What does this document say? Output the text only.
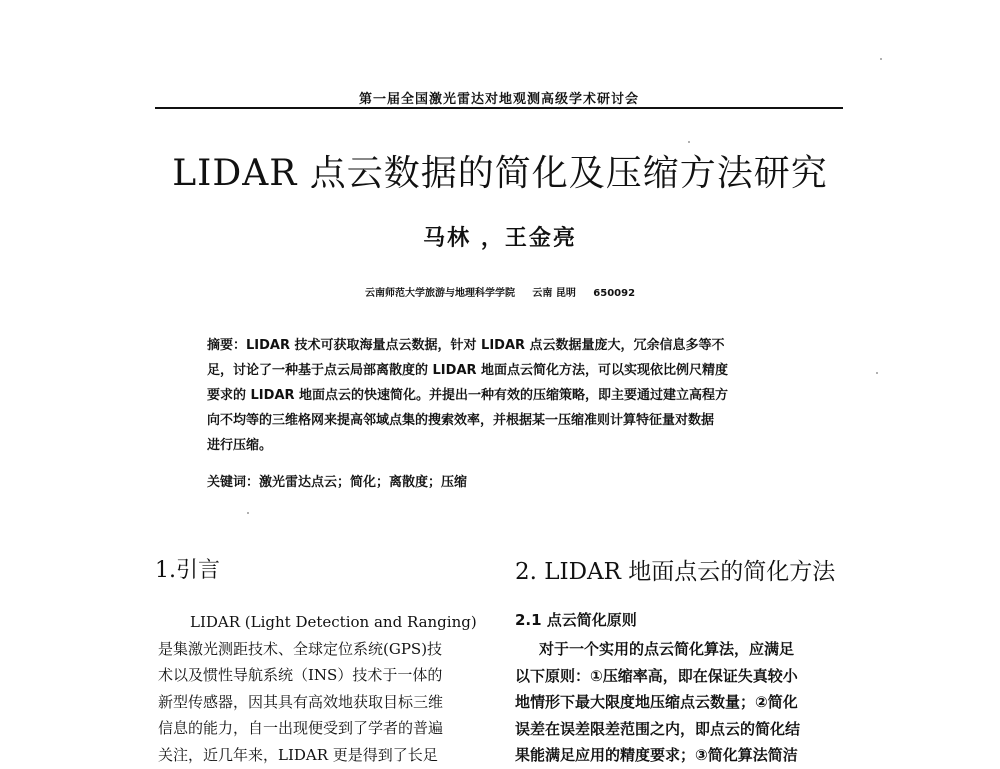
第一届全国激光雷达对地观测高级学术研讨会
LIDAR 点云数据的简化及压缩方法研究
马林 ，王金亮
云南师范大学旅游与地理科学学院 云南 昆明 650092
摘要：LIDAR 技术可获取海量点云数据，针对 LIDAR 点云数据量庞大，冗余信息多等不
足，讨论了一种基于点云局部离散度的 LIDAR 地面点云简化方法，可以实现依比例尺精度
要求的 LIDAR 地面点云的快速简化。并提出一种有效的压缩策略，即主要通过建立高程方
向不均等的三维格网来提高邻域点集的搜索效率，并根据某一压缩准则计算特征量对数据
进行压缩。
关键词：激光雷达点云；简化；离散度；压缩
1.引言
LIDAR (Light Detection and Ranging)
是集激光测距技术、全球定位系统(GPS)技
术以及惯性导航系统（INS）技术于一体的
新型传感器，因其具有高效地获取目标三维
信息的能力，自一出现便受到了学者的普遍
关注，近几年来，LIDAR 更是得到了长足
2. LIDAR 地面点云的简化方法
2.1 点云简化原则
对于一个实用的点云简化算法，应满足
以下原则：①压缩率高，即在保证失真较小
地情形下最大限度地压缩点云数量；②简化
误差在误差限差范围之内，即点云的简化结
果能满足应用的精度要求；③简化算法简洁
